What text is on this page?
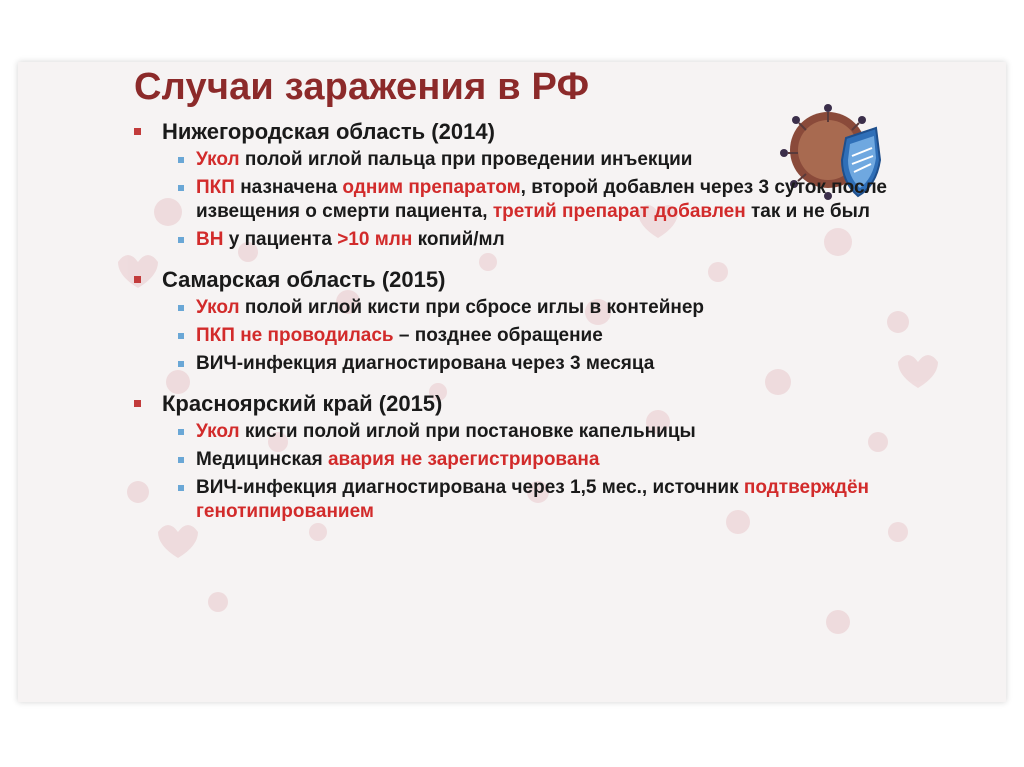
Случаи заражения в РФ
Нижегородская область (2014)
Укол полой иглой пальца при проведении инъекции
ПКП назначена одним препаратом, второй добавлен через 3 суток после извещения о смерти пациента, третий препарат добавлен так и не был
ВН у пациента >10 млн копий/мл
Самарская область (2015)
Укол полой иглой кисти при сбросе иглы в контейнер
ПКП не проводилась – позднее обращение
ВИЧ-инфекция диагностирована через 3 месяца
Красноярский край (2015)
Укол кисти полой иглой при постановке капельницы
Медицинская авария не зарегистрирована
ВИЧ-инфекция диагностирована через 1,5 мес., источник подтверждён генотипированием
